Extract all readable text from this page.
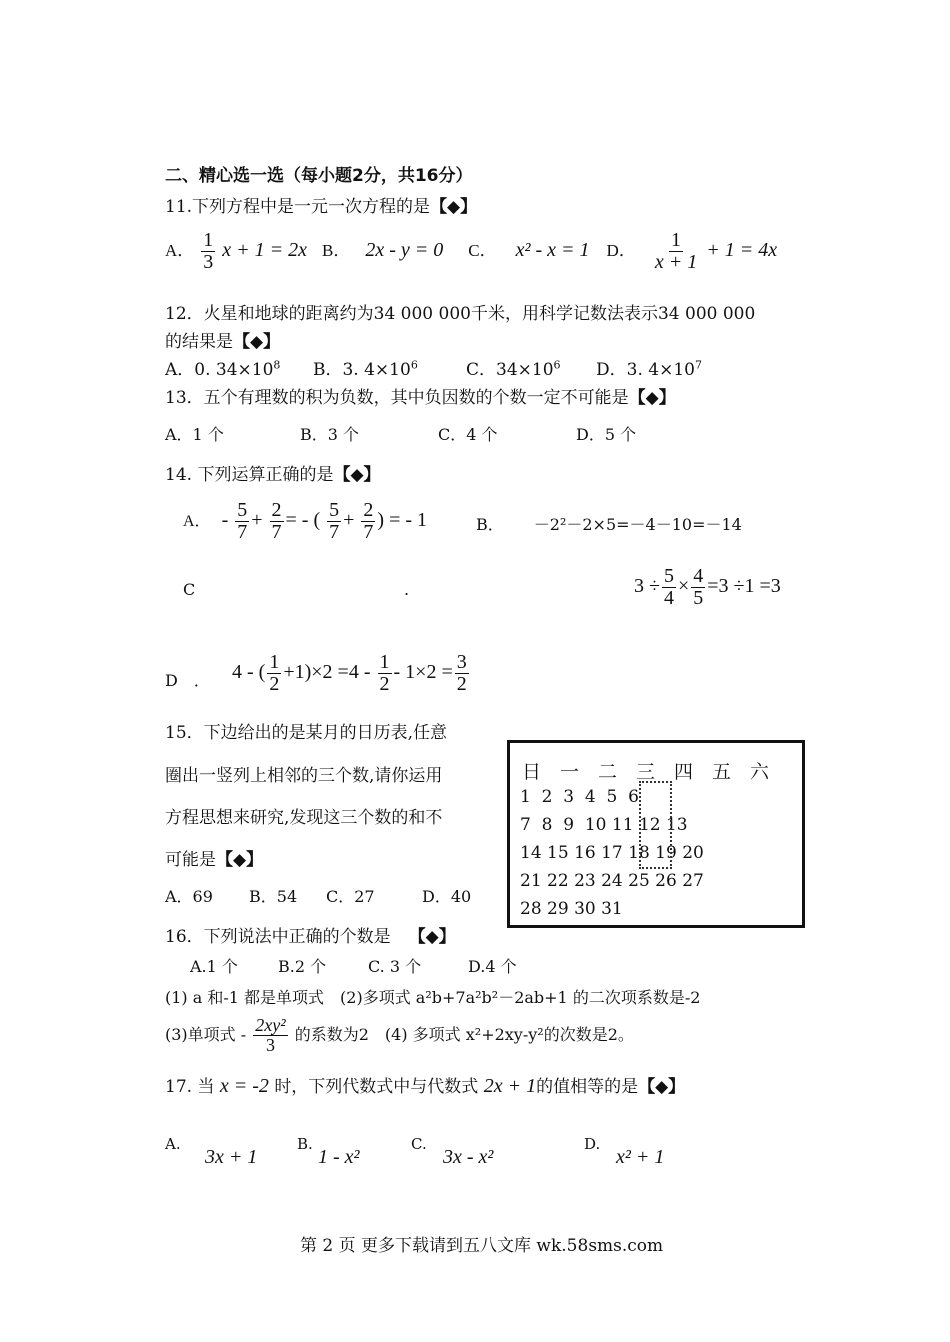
二、精心选一选（每小题2分，共16分）
11.下列方程中是一元一次方程的是【◆】
A． $\frac{1}{3}$ x + 1 = 2x B． 2x - y = 0 C． x² - x = 1 D． $\frac{1}{x + 1} + 1 = 4x$
12．火星和地球的距离约为34 000 000千米，用科学记数法表示34 000 000
的结果是【◆】
A．0. $34\times 10^8$ B．3. $4\times 10^6$	C．$34\times 10^6$ D．3. $4\times 10^7$
13．五个有理数的积为负数，其中负因数的个数一定不可能是【◆】
A．1 个	B．3 个	C．4 个	D．5 个
14. 下列运算正确的是【◆】
A． - $\frac{5}{7} + \frac{2}{7}$ = - ( $\frac{5}{7} + \frac{2}{7}$ ) = - 1	B． －2²－2×5=－4－10=－14
C	.	$3 \div \frac{5}{4} \times \frac{4}{5} =3 \div 1 =3$
D　． 4 - ( $\frac{1}{2} +1)\times 2 =4 - \frac{1}{2} - 1\times 2 = \frac{3}{2}$
15．下边给出的是某月的日历表,任意
圈出一竖列上相邻的三个数,请你运用
方程思想来研究,发现这三个数的和不
可能是【◆】
A．69 B．54 C．27	D．40
日　一　二　三　四　五　六
1  2  3  4  5  6
7  8  9  10 11 12 13
14 15 16 17 18 19 20
21 22 23 24 25 26 27
28 29 30 31
16．下列说法中正确的个数是 【◆】
A.1 个	B.2 个	C. 3 个	D.4 个
(1) a 和-1 都是单项式　(2)多项式 a²b+7a²b²－2ab+1 的二次项系数是-2
(3)单项式 - $\frac{\text{2xy²}}{3}$ 的系数为2　(4) 多项式 x²+2xy-y²的次数是2。
17. 当 x = -2 时，下列代数式中与代数式 2x + 1的值相等的是【◆】
A.
3x + 1
B.
1 - x²
C.
3x - x²
D.
x² + 1
第 2 页 更多下载请到五八文库 wk.58sms.com
